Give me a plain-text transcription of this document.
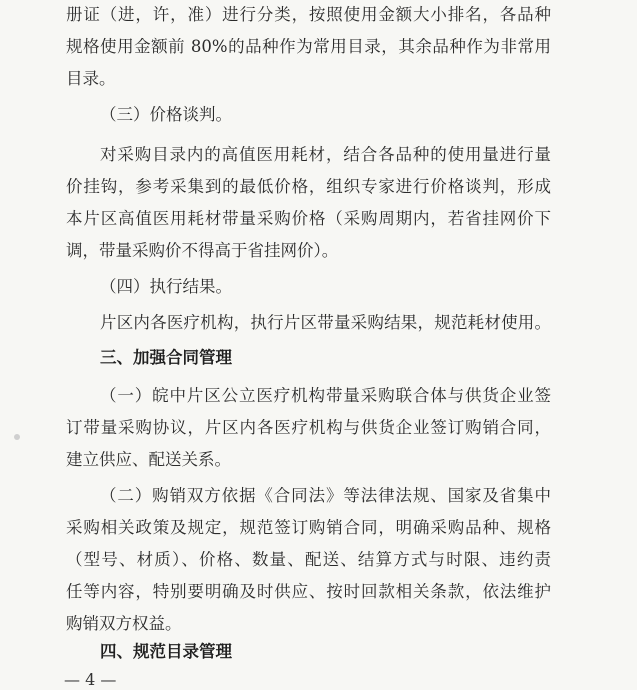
册证（进，许，准）进行分类，按照使用金额大小排名，各品种
规格使用金额前 80%的品种作为常用目录，其余品种作为非常用
目录。
（三）价格谈判。
对采购目录内的高值医用耗材，结合各品种的使用量进行量
价挂钩，参考采集到的最低价格，组织专家进行价格谈判，形成
本片区高值医用耗材带量采购价格（采购周期内，若省挂网价下
调，带量采购价不得高于省挂网价）。
（四）执行结果。
片区内各医疗机构，执行片区带量采购结果，规范耗材使用。
三、加强合同管理
（一）皖中片区公立医疗机构带量采购联合体与供货企业签
订带量采购协议，片区内各医疗机构与供货企业签订购销合同，
建立供应、配送关系。
（二）购销双方依据《合同法》等法律法规、国家及省集中
采购相关政策及规定，规范签订购销合同，明确采购品种、规格
（型号、材质）、价格、数量、配送、结算方式与时限、违约责
任等内容，特别要明确及时供应、按时回款相关条款，依法维护
购销双方权益。
四、规范目录管理
— 4 —
